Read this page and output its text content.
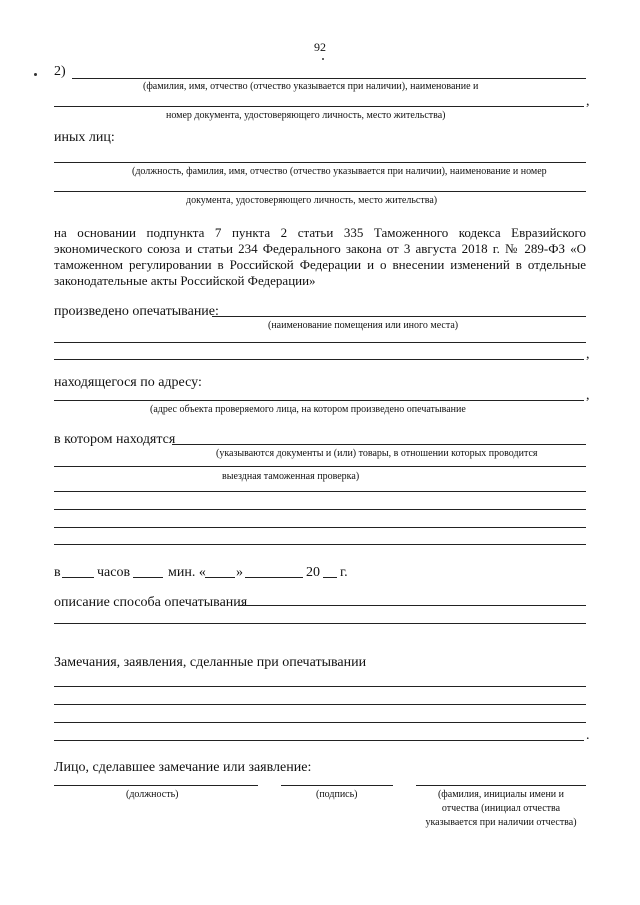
92
2)
(фамилия, имя, отчество (отчество указывается при наличии), наименование и
,
номер документа, удостоверяющего личность, место жительства)
иных лиц:
(должность, фамилия, имя, отчество (отчество указывается при наличии), наименование и номер
документа, удостоверяющего личность, место жительства)
на основании подпункта 7 пункта 2 статьи 335 Таможенного кодекса Евразийского экономического союза и статьи 234 Федерального закона от 3 августа 2018 г. № 289-ФЗ «О таможенном регулировании в Российской Федерации и о внесении изменений в отдельные законодательные акты Российской Федерации»
произведено опечатывание:
(наименование помещения или иного места)
,
находящегося по адресу:
,
(адрес объекта проверяемого лица, на котором произведено опечатывание
в котором находятся
(указываются документы и (или) товары, в отношении которых проводится
выездная таможенная проверка)
в	часов	мин. « »	20 г.
описание способа опечатывания
Замечания, заявления, сделанные при опечатывании
.
Лицо, сделавшее замечание или заявление:
(должность)	(подпись)	(фамилия, инициалы имени и
отчества (инициал отчества
указывается при наличии отчества)
